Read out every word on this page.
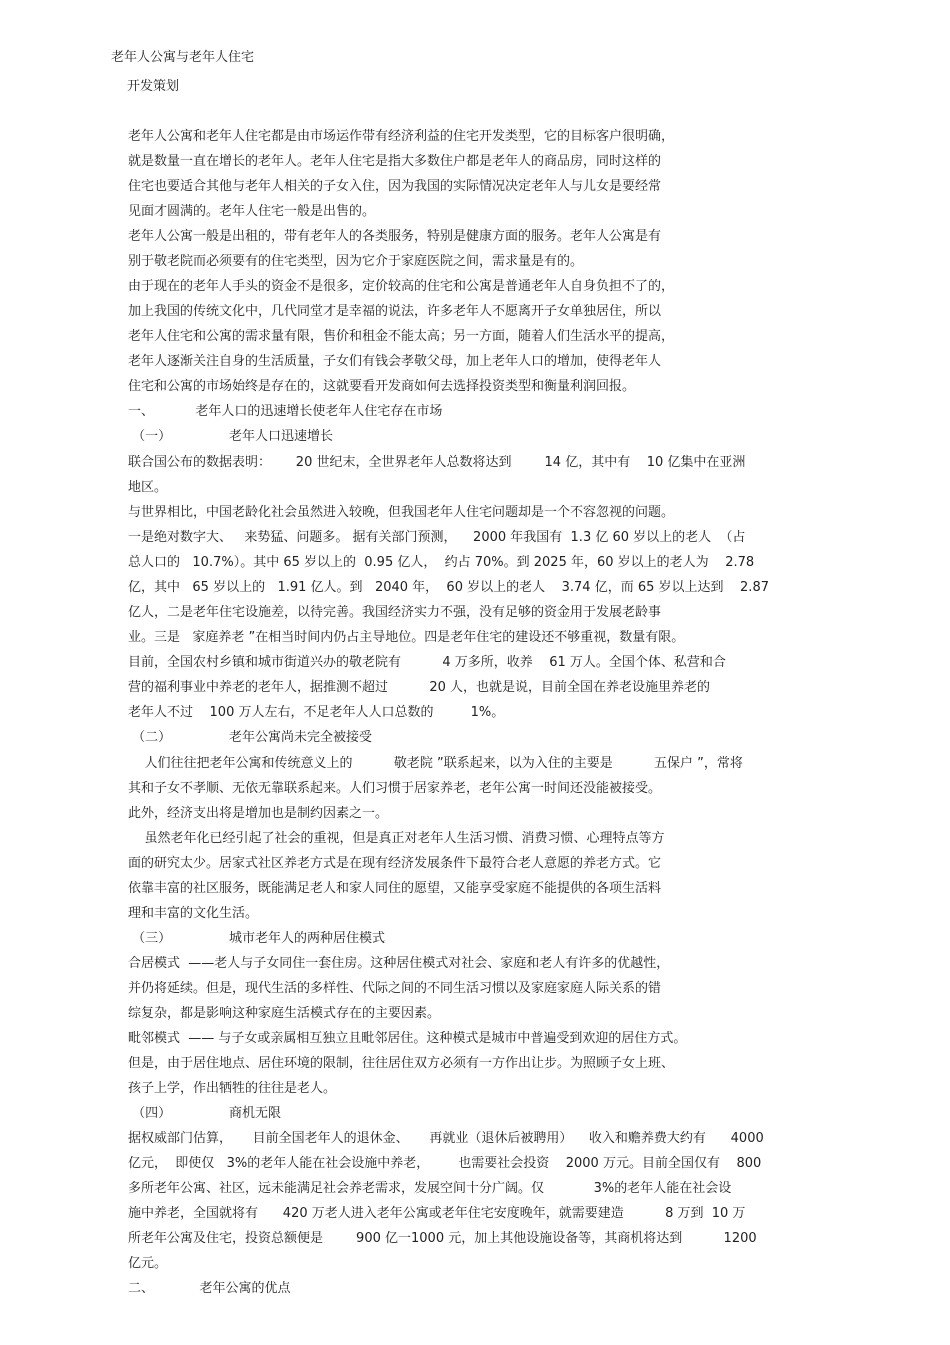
老年人公寓与老年人住宅
开发策划
老年人公寓和老年人住宅都是由市场运作带有经济利益的住宅开发类型，它的目标客户很明确，
就是数量一直在增长的老年人。老年人住宅是指大多数住户都是老年人的商品房，同时这样的
住宅也要适合其他与老年人相关的子女入住，因为我国的实际情况决定老年人与儿女是要经常
见面才圆满的。老年人住宅一般是出售的。
老年人公寓一般是出租的，带有老年人的各类服务，特别是健康方面的服务。老年人公寓是有
别于敬老院而必须要有的住宅类型，因为它介于家庭医院之间，需求量是有的。
由于现在的老年人手头的资金不是很多，定价较高的住宅和公寓是普通老年人自身负担不了的，
加上我国的传统文化中，几代同堂才是幸福的说法，许多老年人不愿离开子女单独居住，所以
老年人住宅和公寓的需求量有限，售价和租金不能太高；另一方面，随着人们生活水平的提高，
老年人逐渐关注自身的生活质量，子女们有钱会孝敬父母，加上老年人口的增加，使得老年人
住宅和公寓的市场始终是存在的，这就要看开发商如何去选择投资类型和衡量利润回报。
一、          老年人口的迅速增长使老年人住宅存在市场
（一）              老年人口迅速增长
联合国公布的数据表明：      20 世纪末，全世界老年人总数将达到        14 亿，其中有    10 亿集中在亚洲
地区。
与世界相比，中国老龄化社会虽然进入较晚，但我国老年人住宅问题却是一个不容忽视的问题。
一是绝对数字大、   来势猛、问题多。 据有关部门预测，    2000 年我国有  1.3 亿 60 岁以上的老人  （占
总人口的   10.7%）。其中 65 岁以上的  0.95 亿人，  约占 70%。到 2025 年，60 岁以上的老人为    2.78
亿，其中   65 岁以上的   1.91 亿人。到   2040 年，  60 岁以上的老人    3.74 亿，而 65 岁以上达到    2.87
亿人，二是老年住宅设施差，以待完善。我国经济实力不强，没有足够的资金用于发展老龄事
业。三是   家庭养老 ”在相当时间内仍占主导地位。四是老年住宅的建设还不够重视，数量有限。
目前，全国农村乡镇和城市街道兴办的敬老院有          4 万多所，收养    61 万人。全国个体、私营和合
营的福利事业中养老的老年人，据推测不超过          20 人，也就是说，目前全国在养老设施里养老的
老年人不过    100 万人左右，不足老年人人口总数的         1%。
（二）              老年公寓尚未完全被接受
人们往往把老年公寓和传统意义上的          敬老院 ”联系起来，以为入住的主要是          五保户 ”，常将
其和子女不孝顺、无依无靠联系起来。人们习惯于居家养老，老年公寓一时间还没能被接受。
此外，经济支出将是增加也是制约因素之一。
虽然老年化已经引起了社会的重视，但是真正对老年人生活习惯、消费习惯、心理特点等方
面的研究太少。居家式社区养老方式是在现有经济发展条件下最符合老人意愿的养老方式。它
依靠丰富的社区服务，既能满足老人和家人同住的愿望，又能享受家庭不能提供的各项生活料
理和丰富的文化生活。
（三）              城市老年人的两种居住模式
合居模式  ——老人与子女同住一套住房。这种居住模式对社会、家庭和老人有许多的优越性，
并仍将延续。但是，现代生活的多样性、代际之间的不同生活习惯以及家庭家庭人际关系的错
综复杂，都是影响这种家庭生活模式存在的主要因素。
毗邻模式  —— 与子女或亲属相互独立且毗邻居住。这种模式是城市中普遍受到欢迎的居住方式。
但是，由于居住地点、居住环境的限制，往往居住双方必须有一方作出让步。为照顾子女上班、
孩子上学，作出牺牲的往往是老人。
（四）              商机无限
据权威部门估算，     目前全国老年人的退休金、     再就业（退休后被聘用）    收入和赡养费大约有      4000
亿元，  即使仅   3%的老年人能在社会设施中养老，       也需要社会投资    2000 万元。目前全国仅有    800
多所老年公寓、社区，远未能满足社会养老需求，发展空间十分广阔。仅            3%的老年人能在社会设
施中养老，全国就将有      420 万老人进入老年公寓或老年住宅安度晚年，就需要建造          8 万到  10 万
所老年公寓及住宅，投资总额便是        900 亿一1000 元，加上其他设施设备等，其商机将达到          1200
亿元。
二、           老年公寓的优点
